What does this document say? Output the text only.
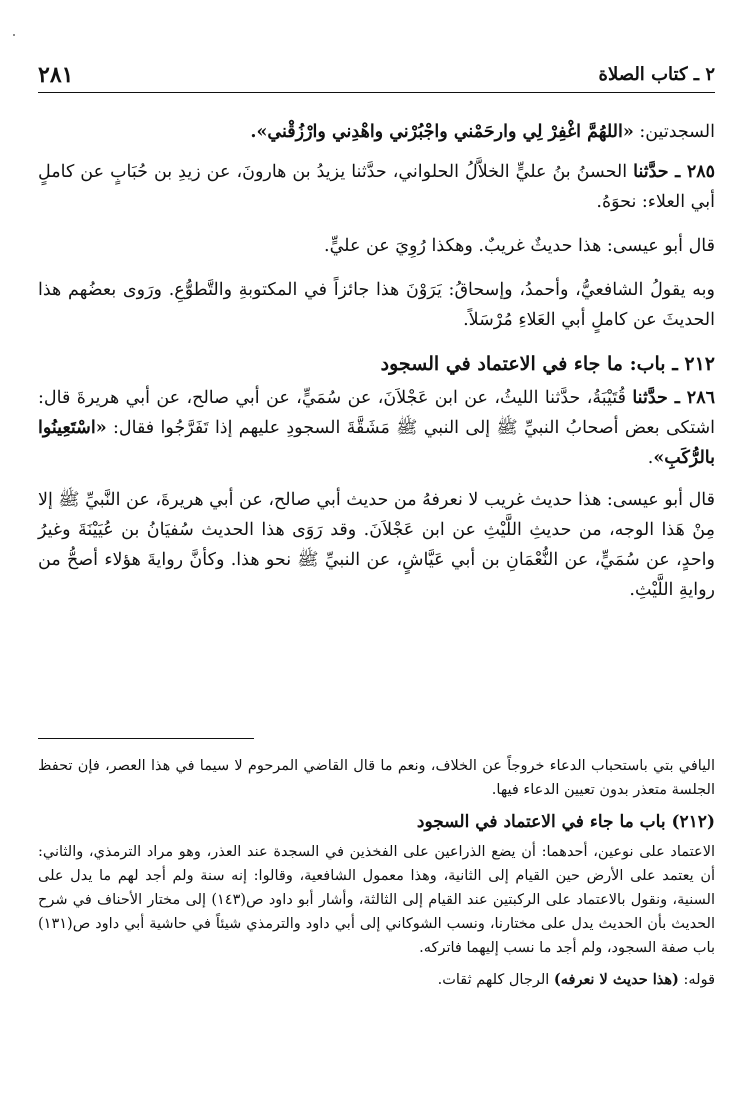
٢ ـ كتاب الصلاة
٢٨١

السجدتين: «اللهُمَّ اغْفِرْ لِي وارحَمْني واجْبُرْني واهْدِني وارْزُقْني».

٢٨٥ ـ حدَّثنا الحسنُ بنُ عليٍّ الخلاَّلُ الحلواني، حدَّثنا يزيدُ بن هارونَ، عن زيدِ بن حُبَابٍ عن كاملٍ أبي العلاء: نحوَهُ.

قال أبو عيسى: هذا حديثٌ غريبٌ. وهكذا رُوِيَ عن عليٍّ.

وبه يقولُ الشافعيُّ، وأحمدُ، وإسحاقُ: يَرَوْنَ هذا جائزاً في المكتوبةِ والتَّطوُّعِ. ورَوى بعضُهم هذا الحديثَ عن كاملٍ أبي العَلاءِ مُرْسَلاً.

٢١٢ ـ باب: ما جاء في الاعتماد في السجود

٢٨٦ ـ حدَّثنا قُتَيْبَةُ، حدَّثنا الليثُ، عن ابن عَجْلاَنَ، عن سُمَيٍّ، عن أبي صالح، عن أبي هريرةَ قال: اشتكى بعض أصحابُ النبيِّ ﷺ إلى النبي ﷺ مَشَقَّةَ السجودِ عليهم إذا تَفَرَّجُوا فقال: «اسْتَعِينُوا بالرُّكَبِ».

قال أبو عيسى: هذا حديث غريب لا نعرفهُ من حديث أبي صالح، عن أبي هريرةَ، عن النَّبيِّ ﷺ إلا مِنْ هَذا الوجه، من حديثِ اللَّيْثِ عن ابن عَجْلاَنَ. وقد رَوَى هذا الحديث سُفيَانُ بن عُيَيْنَةَ وغيرُ واحدٍ، عن سُمَيٍّ، عن النُّعْمَانِ بن أبي عَيَّاشٍ، عن النبيِّ ﷺ نحو هذا. وكأنَّ روايةَ هؤلاء أصحُّ من روايةِ اللَّيْثِ.

اليافي بتي باستحباب الدعاء خروجاً عن الخلاف، ونعم ما قال القاضي المرحوم لا سيما في هذا العصر، فإن تحفظ الجلسة متعذر بدون تعيين الدعاء فيها.

(٢١٢) باب ما جاء في الاعتماد في السجود

الاعتماد على نوعين، أحدهما: أن يضع الذراعين على الفخذين في السجدة عند العذر، وهو مراد الترمذي، والثاني: أن يعتمد على الأرض حين القيام إلى الثانية، وهذا معمول الشافعية، وقالوا: إنه سنة ولم أجد لهم ما يدل على السنية، ونقول بالاعتماد على الركبتين عند القيام إلى الثالثة، وأشار أبو داود ص(١٤٣) إلى مختار الأحناف في شرح الحديث بأن الحديث يدل على مختارنا، ونسب الشوكاني إلى أبي داود والترمذي شيئاً في حاشية أبي داود ص(١٣١) باب صفة السجود، ولم أجد ما نسب إليهما فاتركه.

قوله: (هذا حديث لا نعرفه) الرجال كلهم ثقات.
